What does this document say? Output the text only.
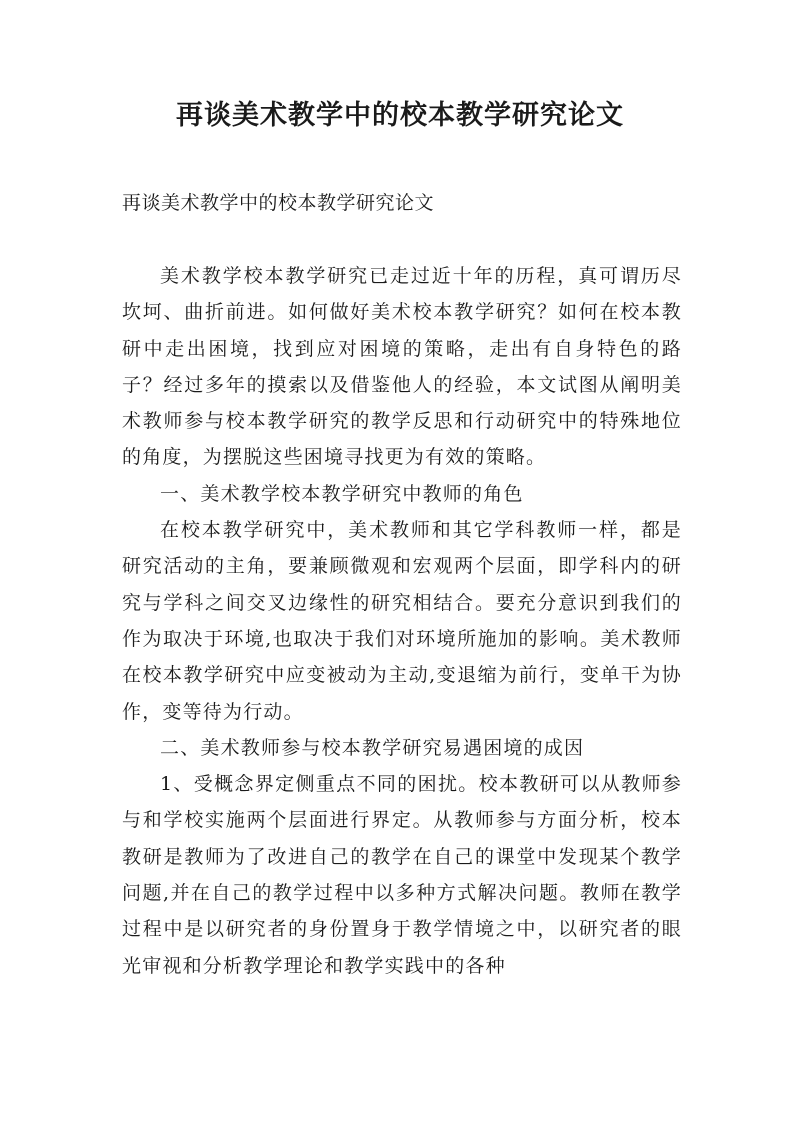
再谈美术教学中的校本教学研究论文

再谈美术教学中的校本教学研究论文

美术教学校本教学研究已走过近十年的历程，真可谓历尽坎坷、曲折前进。如何做好美术校本教学研究？如何在校本教研中走出困境，找到应对困境的策略，走出有自身特色的路子？经过多年的摸索以及借鉴他人的经验，本文试图从阐明美术教师参与校本教学研究的教学反思和行动研究中的特殊地位的角度，为摆脱这些困境寻找更为有效的策略。

一、美术教学校本教学研究中教师的角色

在校本教学研究中，美术教师和其它学科教师一样，都是研究活动的主角，要兼顾微观和宏观两个层面，即学科内的研究与学科之间交叉边缘性的研究相结合。要充分意识到我们的作为取决于环境,也取决于我们对环境所施加的影响。美术教师在校本教学研究中应变被动为主动,变退缩为前行，变单干为协作，变等待为行动。

二、美术教师参与校本教学研究易遇困境的成因

1、受概念界定侧重点不同的困扰。校本教研可以从教师参与和学校实施两个层面进行界定。从教师参与方面分析，校本教研是教师为了改进自己的教学在自己的课堂中发现某个教学问题,并在自己的教学过程中以多种方式解决问题。教师在教学过程中是以研究者的身份置身于教学情境之中，以研究者的眼光审视和分析教学理论和教学实践中的各种
